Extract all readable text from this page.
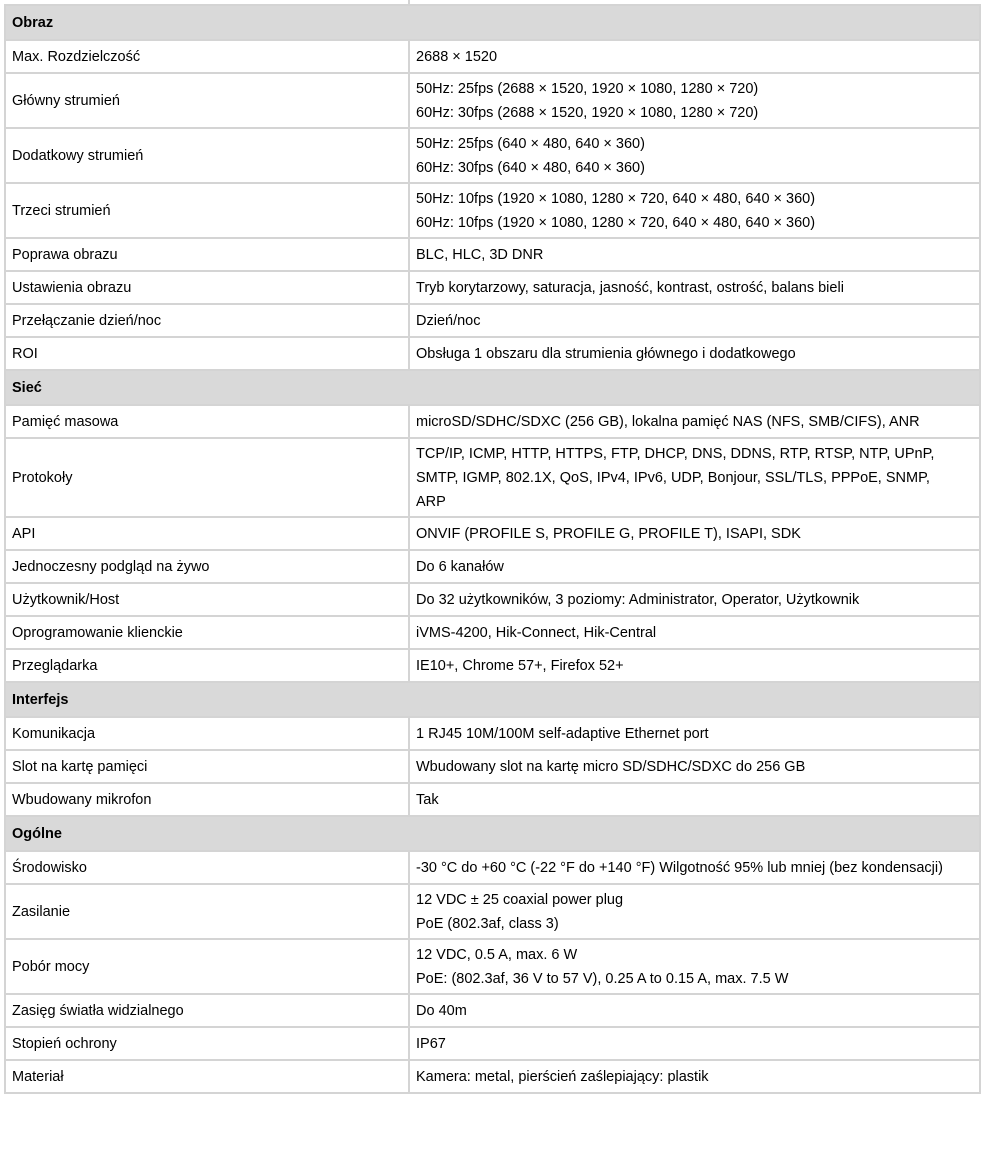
Obraz	
Max. Rozdzielczość	2688 × 1520

Główny strumień	50Hz: 25fps (2688 × 1520, 1920 × 1080, 1280 × 720)
60Hz: 30fps (2688 × 1520, 1920 × 1080, 1280 × 720)

Dodatkowy strumień	50Hz: 25fps (640 × 480, 640 × 360)
60Hz: 30fps (640 × 480, 640 × 360)

Trzeci strumień	50Hz: 10fps (1920 × 1080, 1280 × 720, 640 × 480, 640 × 360)
60Hz: 10fps (1920 × 1080, 1280 × 720, 640 × 480, 640 × 360)

Poprawa obrazu	BLC, HLC, 3D DNR

Ustawienia obrazu	Tryb korytarzowy, saturacja, jasność, kontrast, ostrość, balans bieli

Przełączanie dzień/noc	Dzień/noc

ROI	Obsługa 1 obszaru dla strumienia głównego i dodatkowego

Sieć	
Pamięć masowa	microSD/SDHC/SDXC (256 GB), lokalna pamięć NAS (NFS, SMB/CIFS), ANR

Protokoły	TCP/IP, ICMP, HTTP, HTTPS, FTP, DHCP, DNS, DDNS, RTP, RTSP, NTP, UPnP,
SMTP, IGMP, 802.1X, QoS, IPv4, IPv6, UDP, Bonjour, SSL/TLS, PPPoE, SNMP,
ARP

API	ONVIF (PROFILE S, PROFILE G, PROFILE T), ISAPI, SDK

Jednoczesny podgląd na żywo	Do 6 kanałów

Użytkownik/Host	Do 32 użytkowników, 3 poziomy: Administrator, Operator, Użytkownik

Oprogramowanie klienckie	iVMS-4200, Hik-Connect, Hik-Central

Przeglądarka	IE10+, Chrome 57+, Firefox 52+

Interfejs	
Komunikacja	1 RJ45 10M/100M self-adaptive Ethernet port

Slot na kartę pamięci	Wbudowany slot na kartę micro SD/SDHC/SDXC do 256 GB

Wbudowany mikrofon	Tak

Ogólne	
Środowisko	-30 °C do +60 °C (-22 °F do +140 °F) Wilgotność 95% lub mniej (bez kondensacji)

Zasilanie	12 VDC ± 25 coaxial power plug
PoE (802.3af, class 3)

Pobór mocy	12 VDC, 0.5 A, max. 6 W
PoE: (802.3af, 36 V to 57 V), 0.25 A to 0.15 A, max. 7.5 W

Zasięg światła widzialnego	Do 40m

Stopień ochrony	IP67

Materiał	Kamera: metal, pierścień zaślepiający: plastik
